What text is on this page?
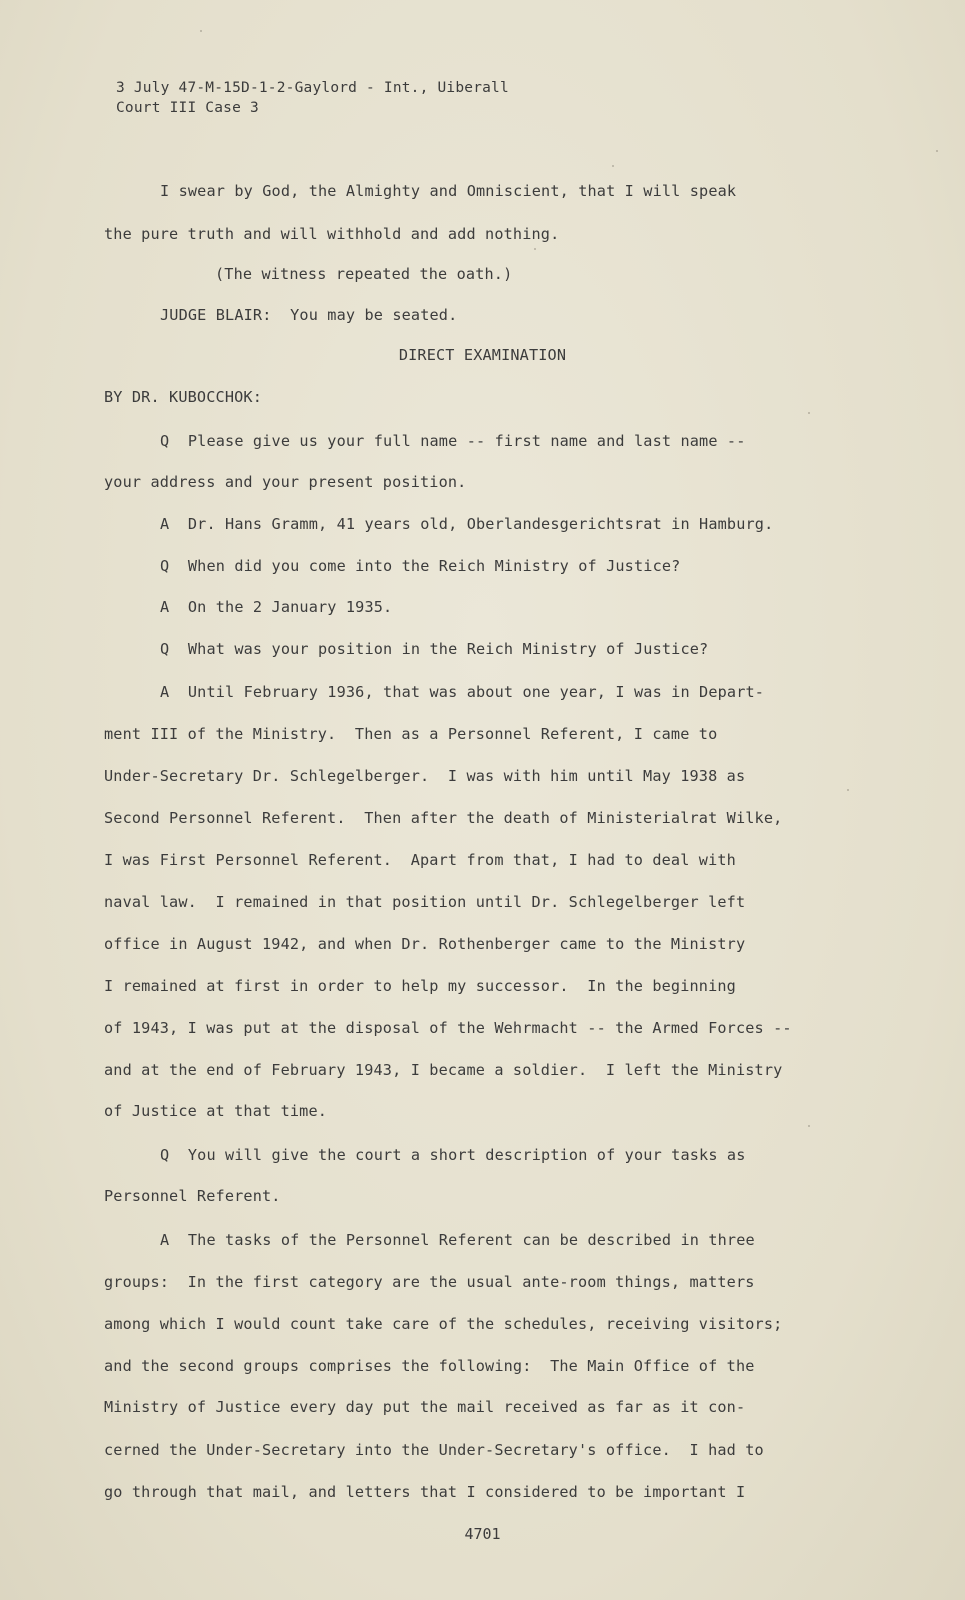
3 July 47-M-15D-1-2-Gaylord - Int., Uiberall
Court III Case 3
I swear by God, the Almighty and Omniscient, that I will speak
the pure truth and will withhold and add nothing.
(The witness repeated the oath.)
JUDGE BLAIR:  You may be seated.
DIRECT EXAMINATION
BY DR. KUBOCCHOK:
Q  Please give us your full name -- first name and last name --
your address and your present position.
A  Dr. Hans Gramm, 41 years old, Oberlandesgerichtsrat in Hamburg.
Q  When did you come into the Reich Ministry of Justice?
A  On the 2 January 1935.
Q  What was your position in the Reich Ministry of Justice?
A  Until February 1936, that was about one year, I was in Depart-
ment III of the Ministry.  Then as a Personnel Referent, I came to
Under-Secretary Dr. Schlegelberger.  I was with him until May 1938 as
Second Personnel Referent.  Then after the death of Ministerialrat Wilke,
I was First Personnel Referent.  Apart from that, I had to deal with
naval law.  I remained in that position until Dr. Schlegelberger left
office in August 1942, and when Dr. Rothenberger came to the Ministry
I remained at first in order to help my successor.  In the beginning
of 1943, I was put at the disposal of the Wehrmacht -- the Armed Forces --
and at the end of February 1943, I became a soldier.  I left the Ministry
of Justice at that time.
Q  You will give the court a short description of your tasks as
Personnel Referent.
A  The tasks of the Personnel Referent can be described in three
groups:  In the first category are the usual ante-room things, matters
among which I would count take care of the schedules, receiving visitors;
and the second groups comprises the following:  The Main Office of the
Ministry of Justice every day put the mail received as far as it con-
cerned the Under-Secretary into the Under-Secretary's office.  I had to
go through that mail, and letters that I considered to be important I
4701
